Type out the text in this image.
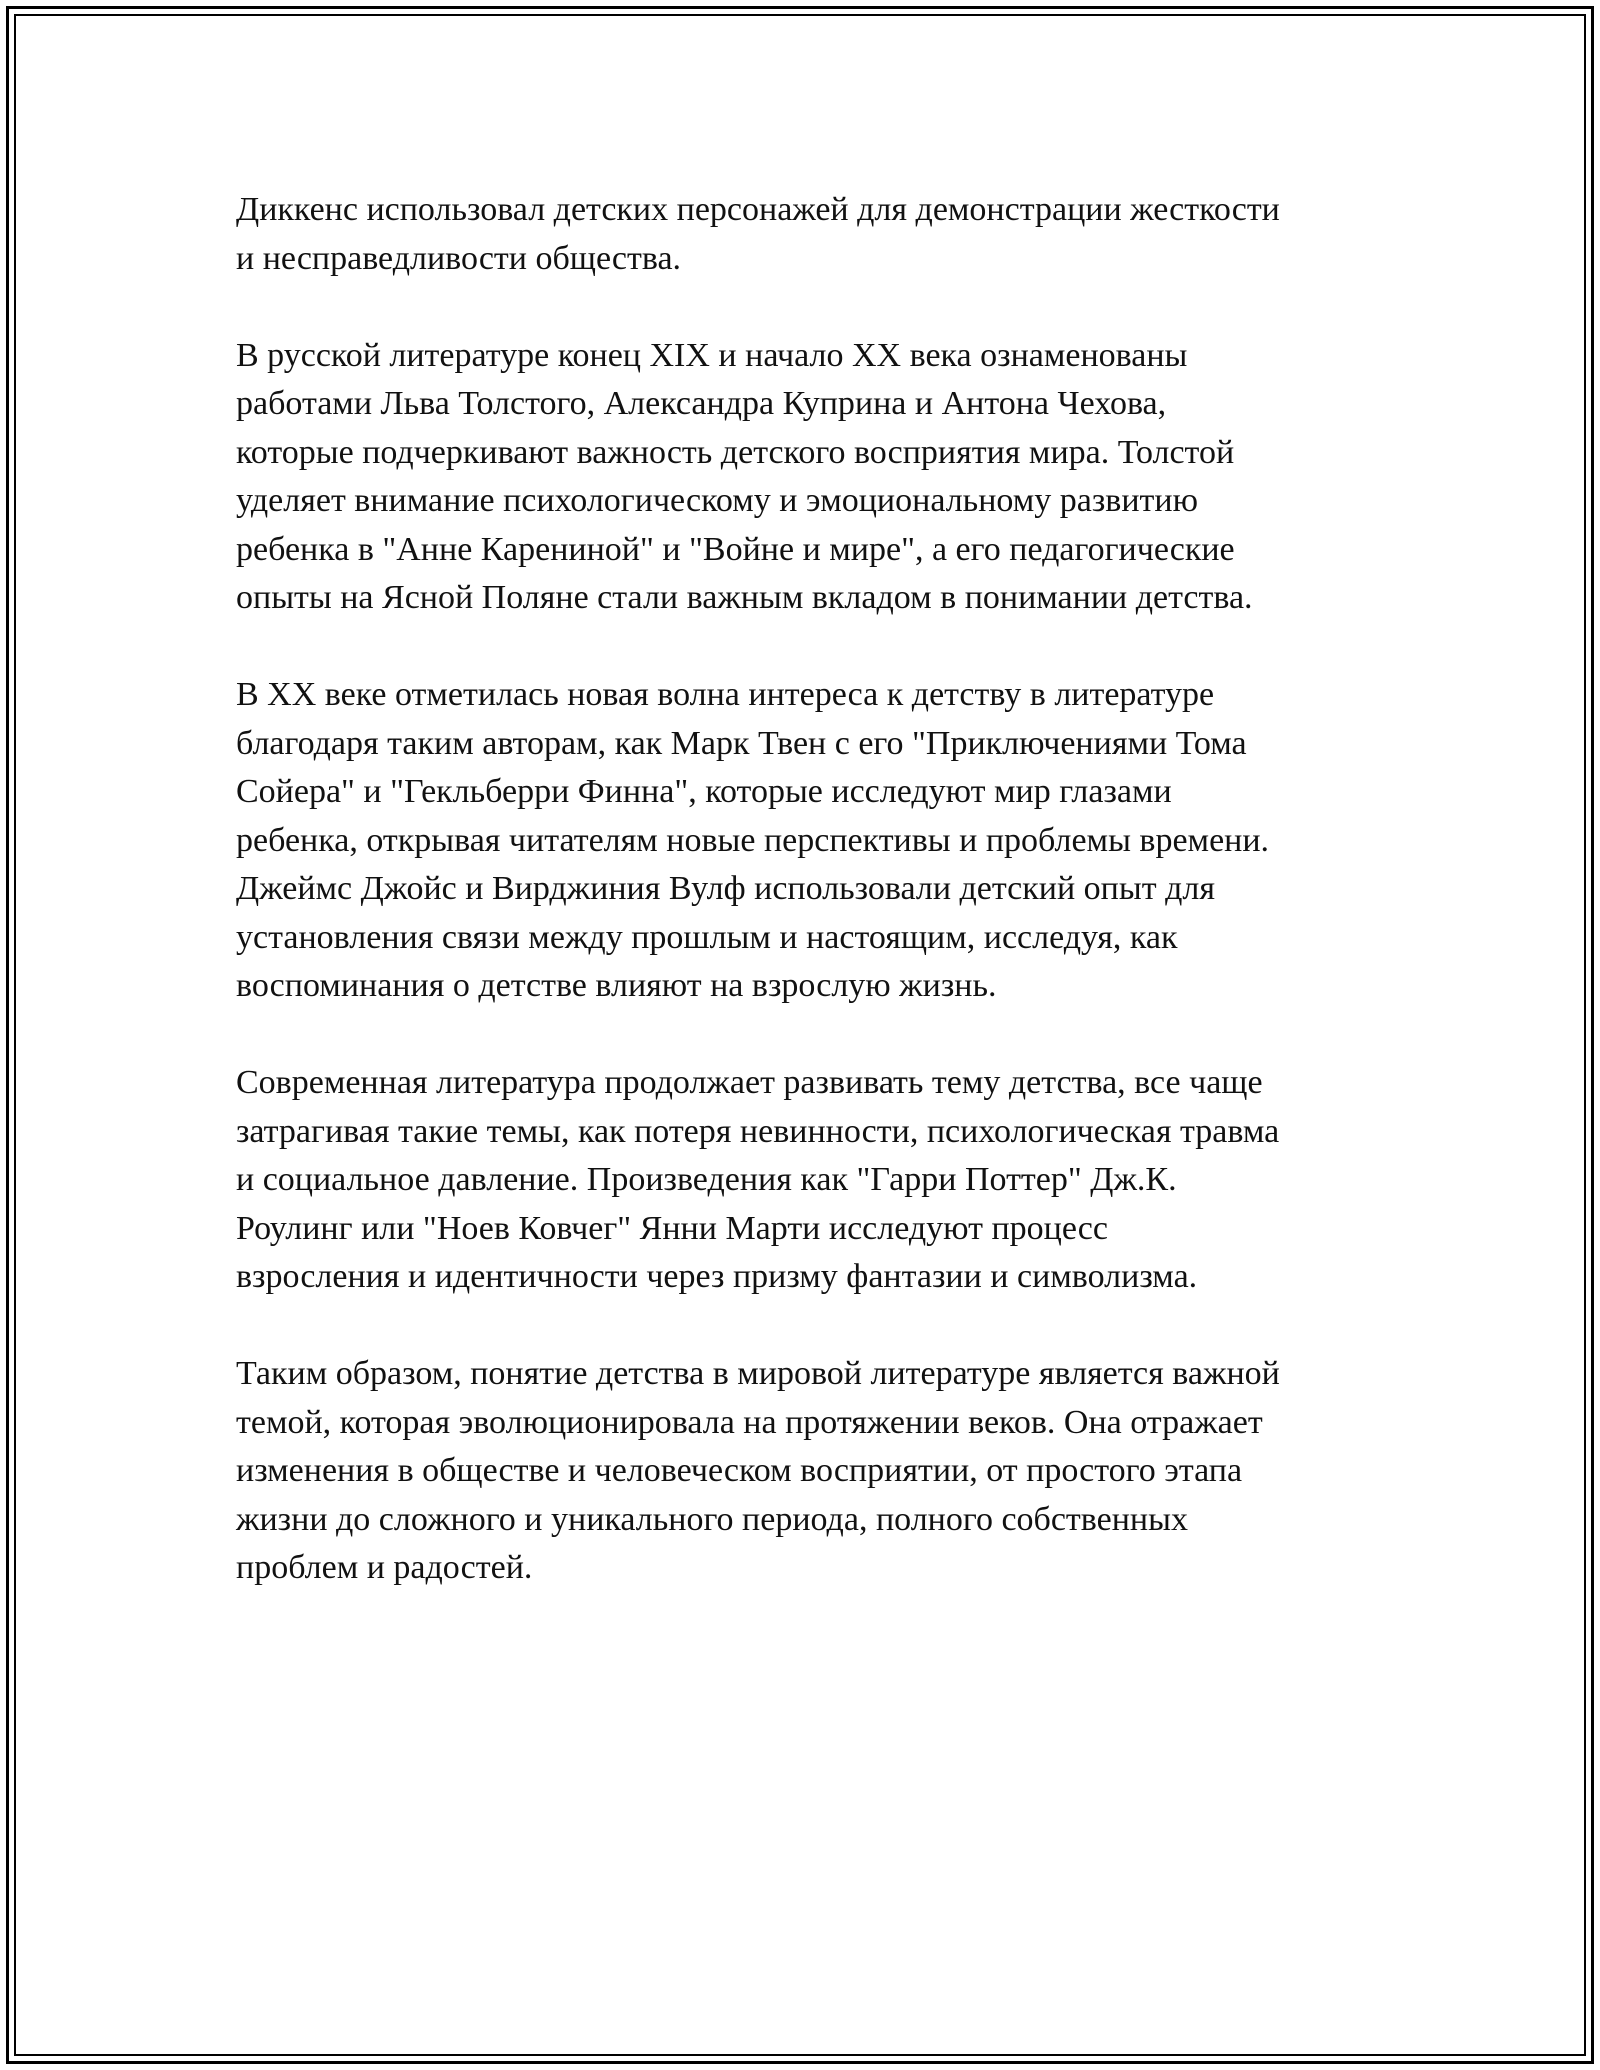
Диккенс использовал детских персонажей для демонстрации жесткости
и несправедливости общества.

В русской литературе конец XIX и начало XX века ознаменованы
работами Льва Толстого, Александра Куприна и Антона Чехова,
которые подчеркивают важность детского восприятия мира. Толстой
уделяет внимание психологическому и эмоциональному развитию
ребенка в "Анне Карениной" и "Войне и мире", а его педагогические
опыты на Ясной Поляне стали важным вкладом в понимании детства.

В XX веке отметилась новая волна интереса к детству в литературе
благодаря таким авторам, как Марк Твен с его "Приключениями Тома
Сойера" и "Гекльберри Финна", которые исследуют мир глазами
ребенка, открывая читателям новые перспективы и проблемы времени.
Джеймс Джойс и Вирджиния Вулф использовали детский опыт для
установления связи между прошлым и настоящим, исследуя, как
воспоминания о детстве влияют на взрослую жизнь.

Современная литература продолжает развивать тему детства, все чаще
затрагивая такие темы, как потеря невинности, психологическая травма
и социальное давление. Произведения как "Гарри Поттер" Дж.К.
Роулинг или "Ноев Ковчег" Янни Марти исследуют процесс
взросления и идентичности через призму фантазии и символизма.

Таким образом, понятие детства в мировой литературе является важной
темой, которая эволюционировала на протяжении веков. Она отражает
изменения в обществе и человеческом восприятии, от простого этапа
жизни до сложного и уникального периода, полного собственных
проблем и радостей.
